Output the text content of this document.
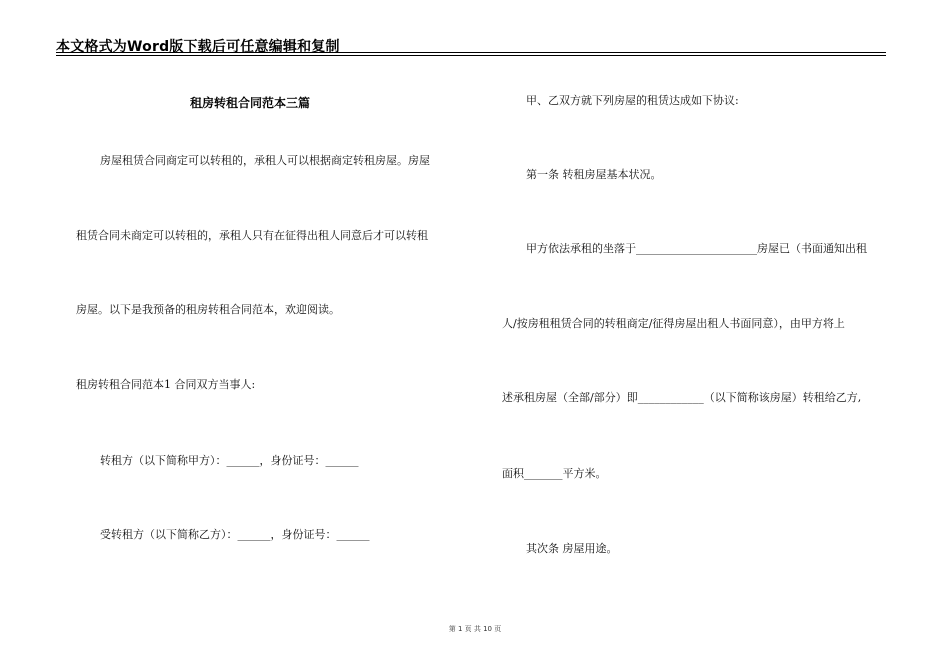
本文格式为Word版下载后可任意编辑和复制
租房转租合同范本三篇
房屋租赁合同商定可以转租的，承租人可以根据商定转租房屋。房屋
租赁合同未商定可以转租的，承租人只有在征得出租人同意后才可以转租
房屋。以下是我预备的租房转租合同范本，欢迎阅读。
租房转租合同范本1 合同双方当事人:
转租方（以下简称甲方）：______，身份证号：______
受转租方（以下简称乙方）：______，身份证号：______
甲、乙双方就下列房屋的租赁达成如下协议:
第一条 转租房屋基本状况。
甲方依法承租的坐落于______________________房屋已（书面通知出租
人/按房租租赁合同的转租商定/征得房屋出租人书面同意），由甲方将上
述承租房屋（全部/部分）即____________（以下简称该房屋）转租给乙方,
面积_______平方米。
其次条 房屋用途。
第 1 页 共 10 页
